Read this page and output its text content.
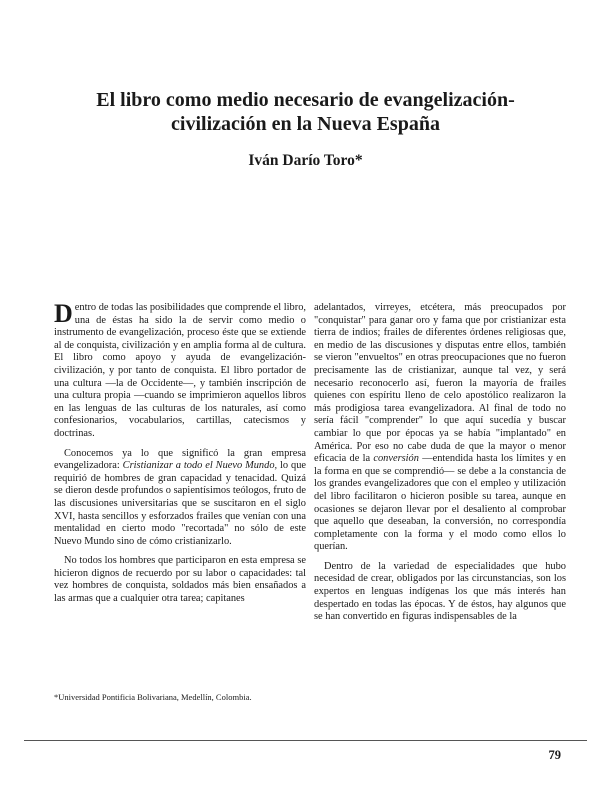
El libro como medio necesario de evangelización-
civilización en la Nueva España
Iván Darío Toro*

Dentro de todas las posibilidades que comprende el libro, una de éstas ha sido la de servir como medio o instrumento de evangelización, proceso éste que se extiende al de conquista, civilización y en amplia forma al de cultura. El libro como apoyo y ayuda de evangelización-civilización, y por tanto de conquista. El libro portador de una cultura —la de Occidente—, y también inscripción de una cultura propia —cuando se imprimieron aquellos libros en las lenguas de las culturas de los naturales, así como confesionarios, vocabularios, cartillas, catecismos y doctrinas.

Conocemos ya lo que significó la gran empresa evangelizadora: Cristianizar a todo el Nuevo Mundo, lo que requirió de hombres de gran capacidad y tenacidad. Quizá se dieron desde profundos o sapientísimos teólogos, fruto de las discusiones universitarias que se suscitaron en el siglo XVI, hasta sencillos y esforzados frailes que venían con una mentalidad en cierto modo "recortada" no sólo de este Nuevo Mundo sino de cómo cristianizarlo.

No todos los hombres que participaron en esta empresa se hicieron dignos de recuerdo por su labor o capacidades: tal vez hombres de conquista, soldados más bien ensañados a las armas que a cualquier otra tarea; capitanes

adelantados, virreyes, etcétera, más preocupados por "conquistar" para ganar oro y fama que por cristianizar esta tierra de indios; frailes de diferentes órdenes religiosas que, en medio de las discusiones y disputas entre ellos, también se vieron "envueltos" en otras preocupaciones que no fueron precisamente las de cristianizar, aunque tal vez, y será necesario reconocerlo así, fueron la mayoría de frailes quienes con espíritu lleno de celo apostólico realizaron la más prodigiosa tarea evangelizadora. Al final de todo no sería fácil "comprender" lo que aquí sucedía y buscar cambiar lo que por épocas ya se había "implantado" en América. Por eso no cabe duda de que la mayor o menor eficacia de la conversión —entendida hasta los límites y en la forma en que se comprendió— se debe a la constancia de los grandes evangelizadores que con el empleo y utilización del libro facilitaron o hicieron posible su tarea, aunque en ocasiones se dejaron llevar por el desaliento al comprobar que aquello que deseaban, la conversión, no correspondía completamente con la forma y el modo como ellos lo querían.

Dentro de la variedad de especialidades que hubo necesidad de crear, obligados por las circunstancias, son los expertos en lenguas indígenas los que más interés han despertado en todas las épocas. Y de éstos, hay algunos que se han convertido en figuras indispensables de la

*Universidad Pontificia Bolivariana, Medellín, Colombia.
79
